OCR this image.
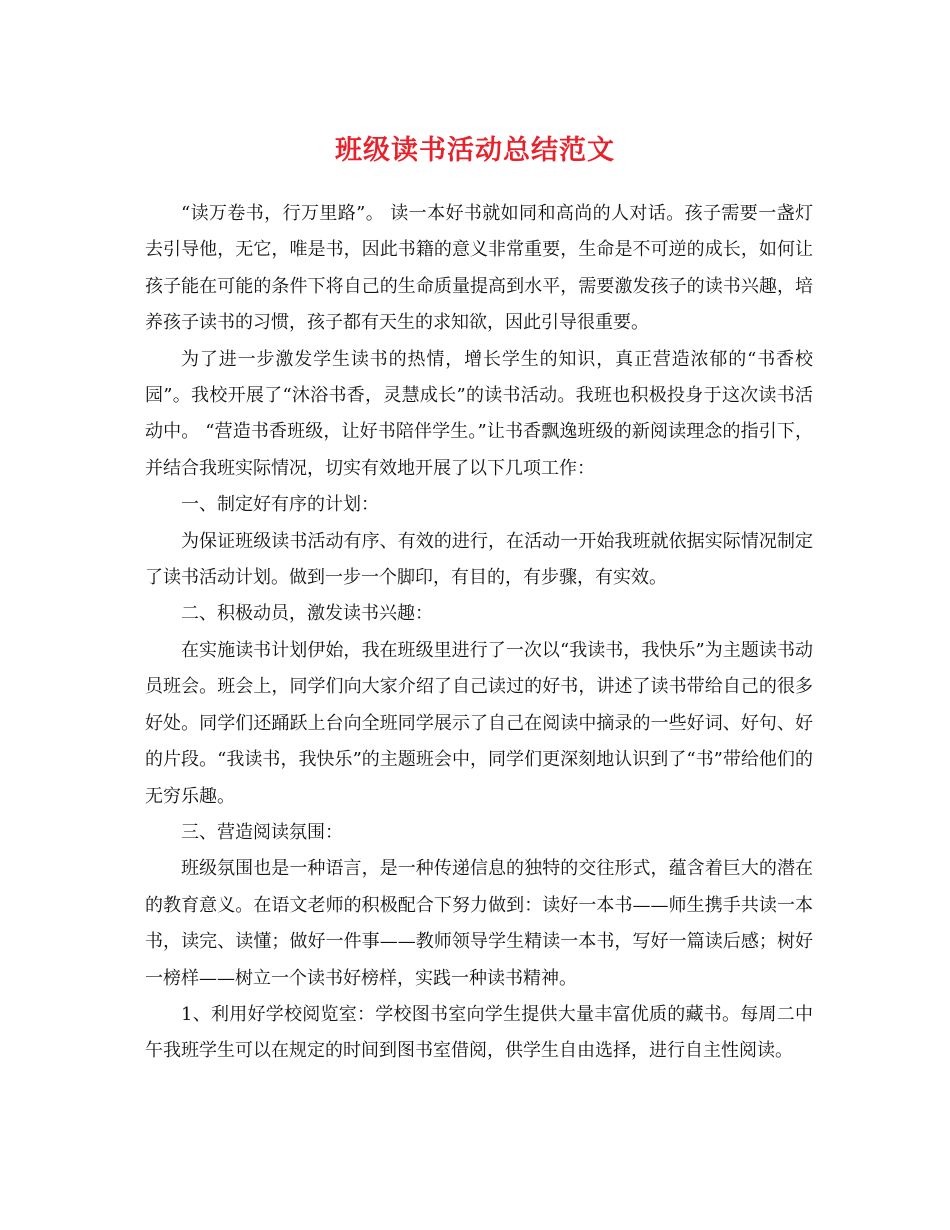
班级读书活动总结范文

“读万卷书，行万里路”。 读一本好书就如同和高尚的人对话。孩子需要一盏灯去引导他，无它，唯是书，因此书籍的意义非常重要，生命是不可逆的成长，如何让孩子能在可能的条件下将自己的生命质量提高到水平，需要激发孩子的读书兴趣，培养孩子读书的习惯，孩子都有天生的求知欲，因此引导很重要。

为了进一步激发学生读书的热情，增长学生的知识，真正营造浓郁的“书香校园”。我校开展了“沐浴书香，灵慧成长”的读书活动。我班也积极投身于这次读书活动中。 “营造书香班级，让好书陪伴学生。”让书香飘逸班级的新阅读理念的指引下，并结合我班实际情况，切实有效地开展了以下几项工作：

一、制定好有序的计划：

为保证班级读书活动有序、有效的进行，在活动一开始我班就依据实际情况制定了读书活动计划。做到一步一个脚印，有目的，有步骤，有实效。

二、积极动员，激发读书兴趣：

在实施读书计划伊始，我在班级里进行了一次以“我读书，我快乐”为主题读书动员班会。班会上，同学们向大家介绍了自己读过的好书，讲述了读书带给自己的很多好处。同学们还踊跃上台向全班同学展示了自己在阅读中摘录的一些好词、好句、好的片段。“我读书，我快乐”的主题班会中，同学们更深刻地认识到了“书”带给他们的无穷乐趣。

三、营造阅读氛围：

班级氛围也是一种语言，是一种传递信息的独特的交往形式，蕴含着巨大的潜在的教育意义。在语文老师的积极配合下努力做到：读好一本书——师生携手共读一本书，读完、读懂；做好一件事——教师领导学生精读一本书，写好一篇读后感；树好一榜样——树立一个读书好榜样，实践一种读书精神。

1、利用好学校阅览室：学校图书室向学生提供大量丰富优质的藏书。每周二中午我班学生可以在规定的时间到图书室借阅，供学生自由选择，进行自主性阅读。
